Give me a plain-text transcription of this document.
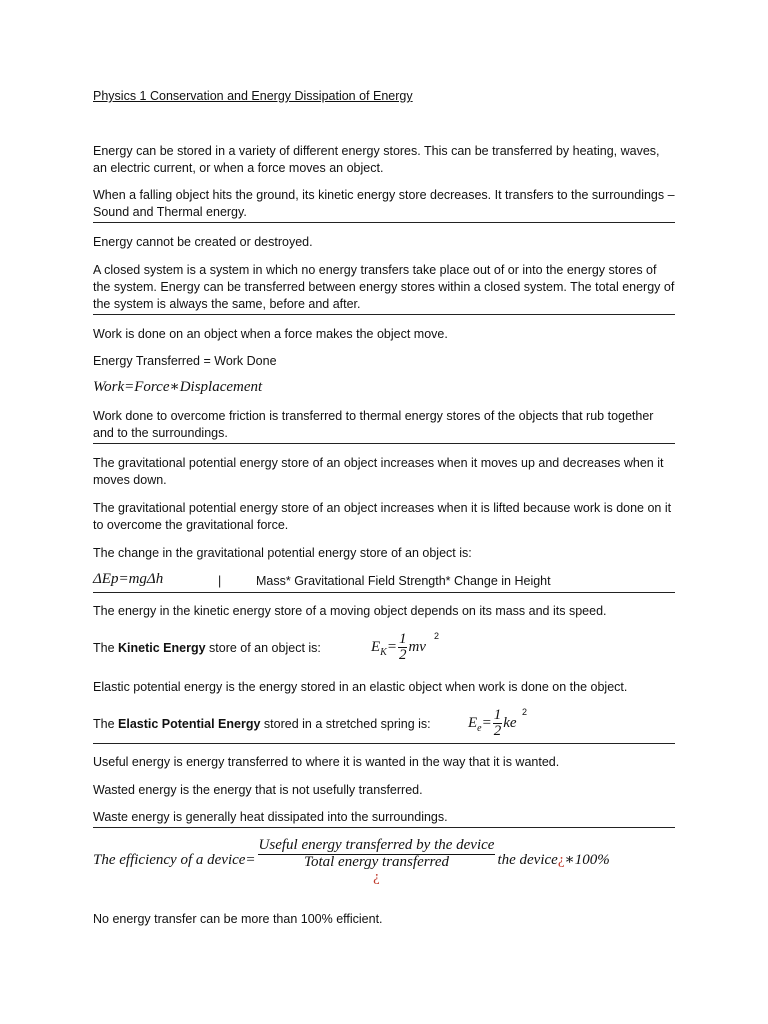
Physics 1 Conservation and Energy Dissipation of Energy

Energy can be stored in a variety of different energy stores. This can be transferred by heating, waves, an electric current, or when a force moves an object.

When a falling object hits the ground, its kinetic energy store decreases. It transfers to the surroundings – Sound and Thermal energy.

Energy cannot be created or destroyed.

A closed system is a system in which no energy transfers take place out of or into the energy stores of the system. Energy can be transferred between energy stores within a closed system. The total energy of the system is always the same, before and after.

Work is done on an object when a force makes the object move.

Energy Transferred = Work Done

Work=Force∗Displacement

Work done to overcome friction is transferred to thermal energy stores of the objects that rub together and to the surroundings.

The gravitational potential energy store of an object increases when it moves up and decreases when it moves down.

The gravitational potential energy store of an object increases when it is lifted because work is done on it to overcome the gravitational force.

The change in the gravitational potential energy store of an object is:

ΔEp=mgΔh	|	Mass* Gravitational Field Strength* Change in Height

The energy in the kinetic energy store of a moving object depends on its mass and its speed.

The Kinetic Energy store of an object is:	$E_K= \frac{1}{2}$ mv
2

Elastic potential energy is the energy stored in an elastic object when work is done on the object.

The Elastic Potential Energy stored in a stretched spring is:	$E_e= \frac{1}{2}$ ke
2

Useful energy is energy transferred to where it is wanted in the way that it is wanted.

Wasted energy is the energy that is not usefully transferred.

Waste energy is generally heat dissipated into the surroundings.

The efficiency of a device= Useful energy transferred by the device
Total energy transferred
¿ the device¿∗100%

No energy transfer can be more than 100% efficient.
